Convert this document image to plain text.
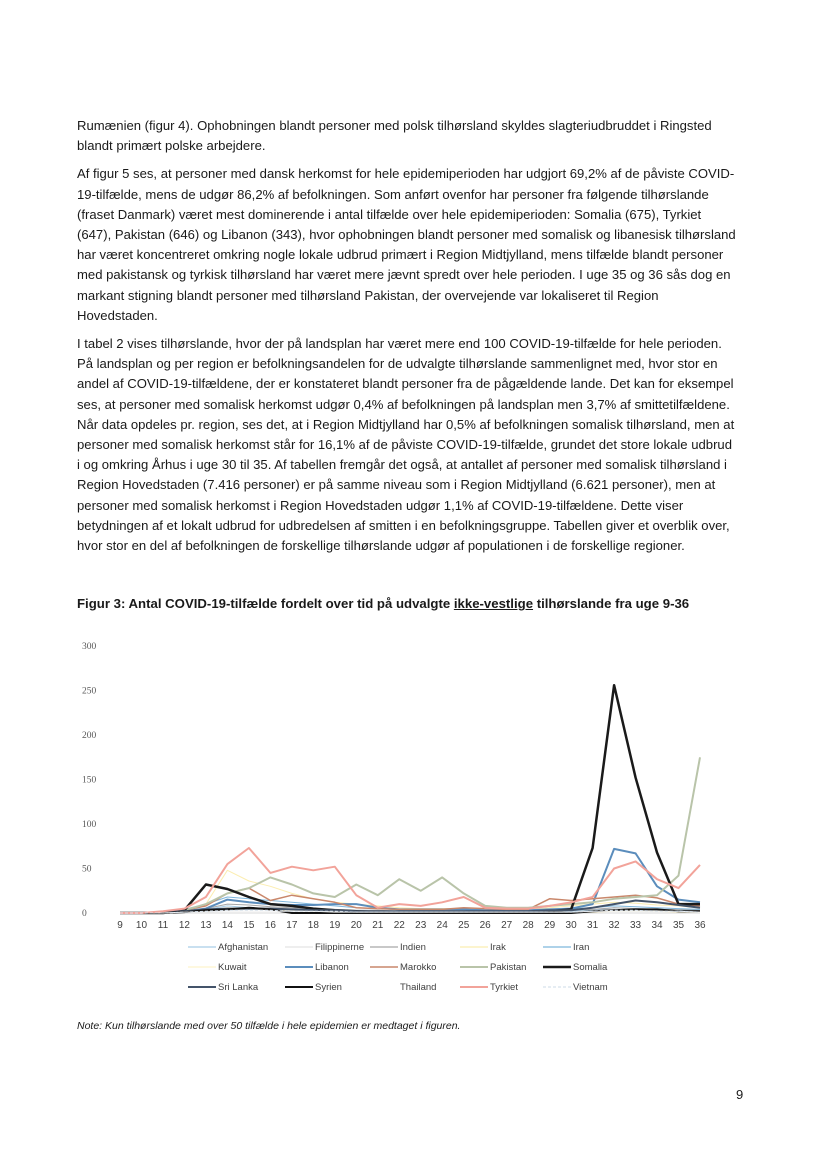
Rumænien (figur 4). Ophobningen blandt personer med polsk tilhørsland skyldes slagteriudbruddet i Ringsted blandt primært polske arbejdere.

Af figur 5 ses, at personer med dansk herkomst for hele epidemiperioden har udgjort 69,2% af de påviste COVID-19-tilfælde, mens de udgør 86,2% af befolkningen. Som anført ovenfor har personer fra følgende tilhørslande (fraset Danmark) været mest dominerende i antal tilfælde over hele epidemiperioden: Somalia (675), Tyrkiet (647), Pakistan (646) og Libanon (343), hvor ophobningen blandt personer med somalisk og libanesisk tilhørsland har været koncentreret omkring nogle lokale udbrud primært i Region Midtjylland, mens tilfælde blandt personer med pakistansk og tyrkisk tilhørsland har været mere jævnt spredt over hele perioden. I uge 35 og 36 sås dog en markant stigning blandt personer med tilhørsland Pakistan, der overvejende var lokaliseret til Region Hovedstaden.

I tabel 2 vises tilhørslande, hvor der på landsplan har været mere end 100 COVID-19-tilfælde for hele perioden. På landsplan og per region er befolkningsandelen for de udvalgte tilhørslande sammenlignet med, hvor stor en andel af COVID-19-tilfældene, der er konstateret blandt personer fra de pågældende lande. Det kan for eksempel ses, at personer med somalisk herkomst udgør 0,4% af befolkningen på landsplan men 3,7% af smittetilfældene. Når data opdeles pr. region, ses det, at i Region Midtjylland har 0,5% af befolkningen somalisk tilhørsland, men at personer med somalisk herkomst står for 16,1% af de påviste COVID-19-tilfælde, grundet det store lokale udbrud i og omkring Århus i uge 30 til 35. Af tabellen fremgår det også, at antallet af personer med somalisk tilhørsland i Region Hovedstaden (7.416 personer) er på samme niveau som i Region Midtjylland (6.621 personer), men at personer med somalisk herkomst i Region Hovedstaden udgør 1,1% af COVID-19-tilfældene. Dette viser betydningen af et lokalt udbrud for udbredelsen af smitten i en befolkningsgruppe. Tabellen giver et overblik over, hvor stor en del af befolkningen de forskellige tilhørslande udgør af populationen i de forskellige regioner.

Figur 3: Antal COVID-19-tilfælde fordelt over tid på udvalgte ikke-vestlige tilhørslande fra uge 9-36
0
50
100
150
200
250
300
9 10 11 12 13 14 15 16 17 18 19 20 21 22 23 24 25 26 27 28 29 30 31 32 33 34 35 36
Afghanistan	Filippinerne	Indien	Irak	Iran
Kuwait	Libanon	Marokko	Pakistan	Somalia
Sri Lanka	Syrien	Thailand	Tyrkiet	Vietnam
Note: Kun tilhørslande med over 50 tilfælde i hele epidemien er medtaget i figuren.
9
